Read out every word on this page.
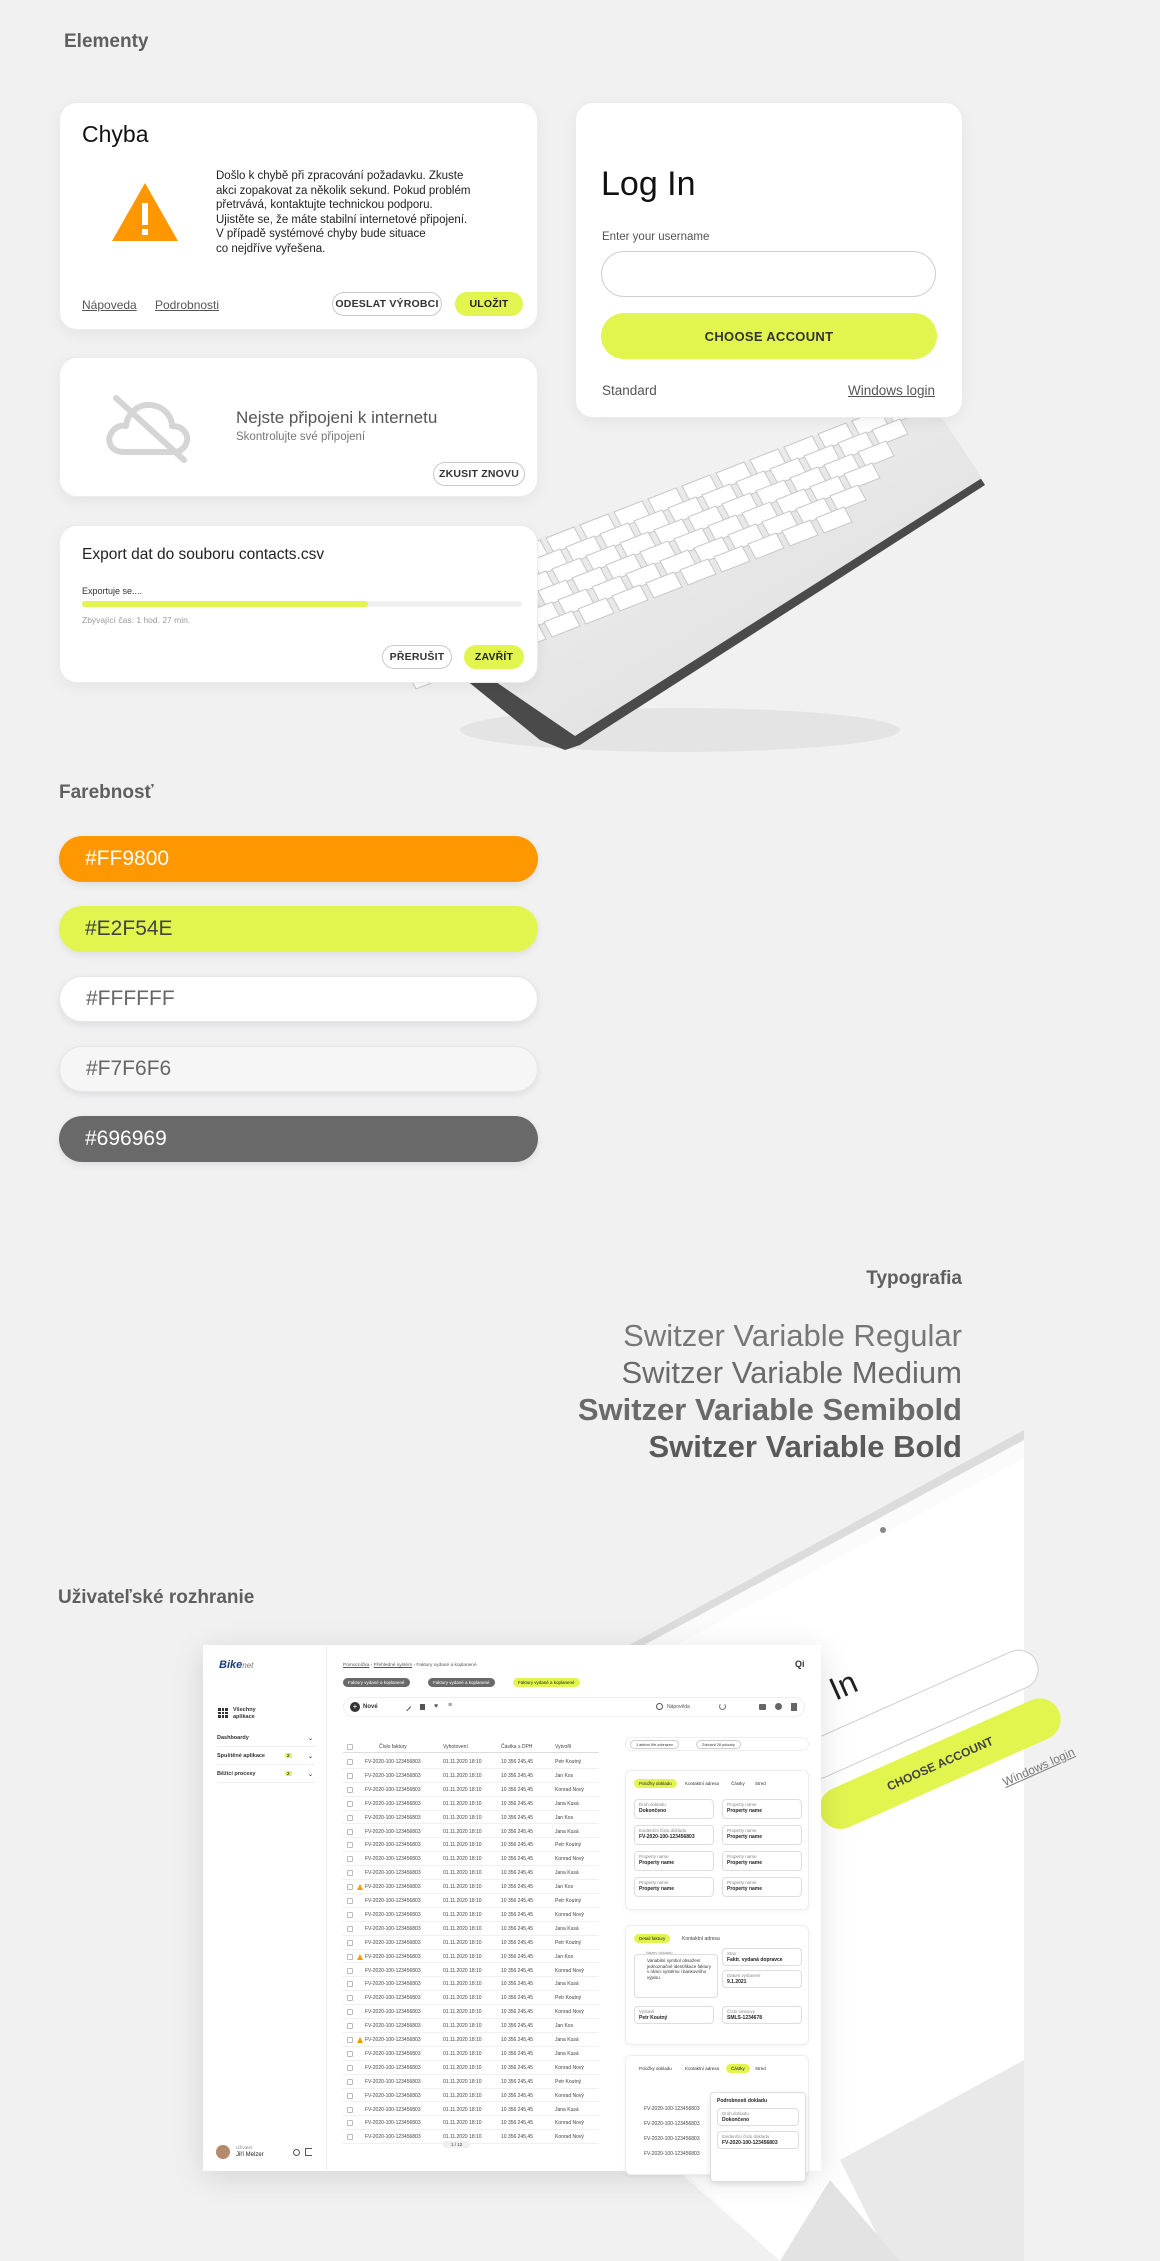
Elementy
Farebnosť
Typografia
Uživateľské rozhranie
In
CHOOSE ACCOUNT Windows login
Chyba
Došlo k chybě při zpracování požadavku. Zkuste
akci zopakovat za několik sekund. Pokud problém
přetrvává, kontaktujte technickou podporu.
Ujistěte se, že máte stabilní internetové připojení.
V případě systémové chyby bude situace
co nejdříve vyřešena.
Nápoveda Podrobnosti	ODESLAT VÝROBCI	ULOŽIT
Nejste připojeni k internetu
Skontrolujte své připojení
ZKUSIT ZNOVU
Export dat do souboru contacts.csv
Exportuje se....
Zbývající čas: 1 hod. 27 min.
PŘERUŠIT	ZAVŘÍT
Log In
Enter your username
CHOOSE ACCOUNT
Standard	Windows login
#FF9800
#E2F54E
#FFFFFF
#F7F6F6
#696969
Switzer Variable Regular
Switzer Variable Medium
Switzer Variable Semibold
Switzer Variable Bold
Bikenet
Všechny aplikace
Dashboardy	⌄
Spuštěné aplikace	2	⌄
Běžící procesy	2	⌄
Uživatel
Jiří Melzer
Pomocníčka › Přehledné systém › Faktury vydané a koplanené	Qi
Faktury vydané a koplanené	Faktury vydané a koplanené	Faktury vydané a koplanené
+ Nové	♥ ≡	Nápověda
Číslo faktury	Vyhotovení	Částka s DPH	Vytvořil
FV-2020-100-123456803	01.11.2020 18:10	10 356 245,45	Petr Koutný
FV-2020-100-123456803	01.11.2020 18:10	10 356 245,45	Jan Kos
FV-2020-100-123456803	01.11.2020 18:10	10 356 245,45	Konrad Nový
FV-2020-100-123456803	01.11.2020 18:10	10 356 245,45	Jana Kusá
FV-2020-100-123456803	01.11.2020 18:10	10 356 245,45	Jan Kos
FV-2020-100-123456803	01.11.2020 18:10	10 356 245,45	Jana Kusá
FV-2020-100-123456803	01.11.2020 18:10	10 356 245,45	Petr Koutný
FV-2020-100-123456803	01.11.2020 18:10	10 356 245,45	Konrad Nový
FV-2020-100-123456803	01.11.2020 18:10	10 356 245,45	Jana Kusá
FV-2020-100-123456803	01.11.2020 18:10	10 356 245,45	Jan Kos
FV-2020-100-123456803	01.11.2020 18:10	10 356 245,45	Petr Koutný
FV-2020-100-123456803	01.11.2020 18:10	10 356 245,45	Konrad Nový
FV-2020-100-123456803	01.11.2020 18:10	10 356 245,45	Jana Kusá
FV-2020-100-123456803	01.11.2020 18:10	10 356 245,45	Petr Koutný
FV-2020-100-123456803	01.11.2020 18:10	10 356 245,45	Jan Kos
FV-2020-100-123456803	01.11.2020 18:10	10 356 245,45	Konrad Nový
FV-2020-100-123456803	01.11.2020 18:10	10 356 245,45	Jana Kusá
FV-2020-100-123456803	01.11.2020 18:10	10 356 245,45	Petr Koutný
FV-2020-100-123456803	01.11.2020 18:10	10 356 245,45	Konrad Nový
FV-2020-100-123456803	01.11.2020 18:10	10 356 245,45	Jan Kos
FV-2020-100-123456803	01.11.2020 18:10	10 356 245,45	Jana Kusá
FV-2020-100-123456803	01.11.2020 18:10	10 356 245,45	Jana Kusá
FV-2020-100-123456803	01.11.2020 18:10	10 356 245,45	Konrad Nový
FV-2020-100-123456803	01.11.2020 18:10	10 356 245,45	Petr Koutný
FV-2020-100-123456803	01.11.2020 18:10	10 356 245,45	Konrad Nový
FV-2020-100-123456803	01.11.2020 18:10	10 356 245,45	Jana Kusá
FV-2020-100-123456803	01.11.2020 18:10	10 356 245,45	Konrad Nový
FV-2020-100-123456803	01.11.2020 18:10	10 356 245,45	Konrad Nový
1 / 12
1 aktivní filtr zobrazen	Zobrazit 28 polozky
Položky dokladu	Kontaktní adresa	Částky	Stred
Druh dokladu
Dokončeno
Property name
Property name
Evidenční číslo dokladu
FV-2020-100-123456803
Property name
Property name
Property name
Property name
Property name
Property name
Property name
Property name
Property name
Property name
Detail faktury	Kontaktní adresa
Variabilní symbol obsažení jednoznačné identifikace faktury v rámci systému i bankovního výpisu.
Stav
Faktr. vydaná dopravce
Datum vystavení
9.1.2021
Vystavil
Petr Koutný
Číslo smlouvy
SMLS-1234678
Název dokladu
Položky dokladu	Kontaktní adresa	Částky	Stred
Podrobnosti dokladu
Druh dokladu
Dokončeno
Evidenční číslo dokladu
FV-2020-100-123456803
FV-2020-100-123456803
FV-2020-100-123456803
FV-2020-100-123456803
FV-2020-100-123456803
